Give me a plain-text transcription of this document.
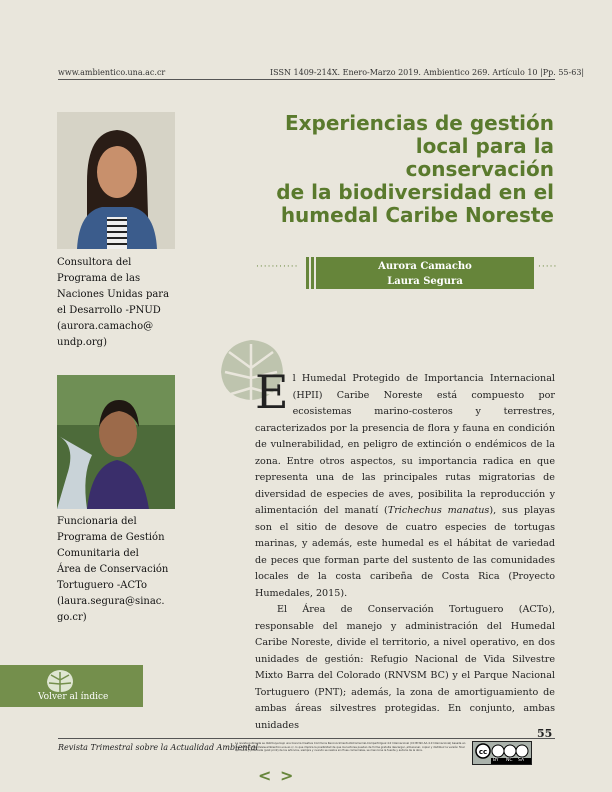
www.ambientico.una.ac.cr	ISSN 1409-214X. Enero-Marzo 2019. Ambientico 269. Artículo 10 |Pp. 55-63|
Consultora del
Programa de las
Naciones Unidas para
el Desarrollo -PNUD
(aurora.camacho@
undp.org)
Funcionaria del
Programa de Gestión
Comunitaria del
Área de Conservación
Tortuguero -ACTo
(laura.segura@sinac.
go.cr)
Experiencias de gestión
local para la conservación
de la biodiversidad en el
humedal Caribe Noreste
···········	Aurora Camacho
Laura Segura
·····

El Humedal Protegido de Importancia Internacional (HPII) Caribe Noreste está compuesto por ecosistemas marino-costeros y terrestres, caracterizados por la presencia de flora y fauna en condición de vulnerabilidad, en peligro de extinción o endémicos de la zona. Entre otros aspectos, su importancia radica en que representa una de las principales rutas migratorias de diversidad de especies de aves, posibilita la reproducción y alimentación del manatí (Trichechus manatus), sus playas son el sitio de desove de cuatro especies de tortugas marinas, y además, este humedal es el hábitat de variedad de peces que forman parte del sustento de las comunidades locales de la costa caribeña de Costa Rica (Proyecto Humedales, 2015).

El Área de Conservación Tortuguero (ACTo), responsable del manejo y administración del Humedal Caribe Noreste, divide el territorio, a nivel operativo, en dos unidades de gestión: Refugio Nacional de Vida Silvestre Mixto Barra del Colorado (RNVSM BC) y el Parque Nacional Tortuguero (PNT); además, la zona de amortiguamiento de ambas áreas silvestres protegidas. En conjunto, ambas unidades

Volver al índice
55
Revista Trimestral sobre la Actualidad Ambiental
La revista publicada se distribuye bajo una licencia Creative Commons Reconocimiento-NoComercial-CompartirIgual 4.0 Internacional (CC BY-NC-SA 4.0 Internacional) basada en una obra en http://www.ambientico.una.ac.cr, lo que implica la posibilidad de que los lectores puedan de forma gratuita descargar, almacenar, copiar y distribuir la versión final aprobada y publicada (post print) de los artículos, siempre y cuando se realice sin fines comerciales, se mencione la fuente y autoría de la obra.	cc
BY NC SA
< >
